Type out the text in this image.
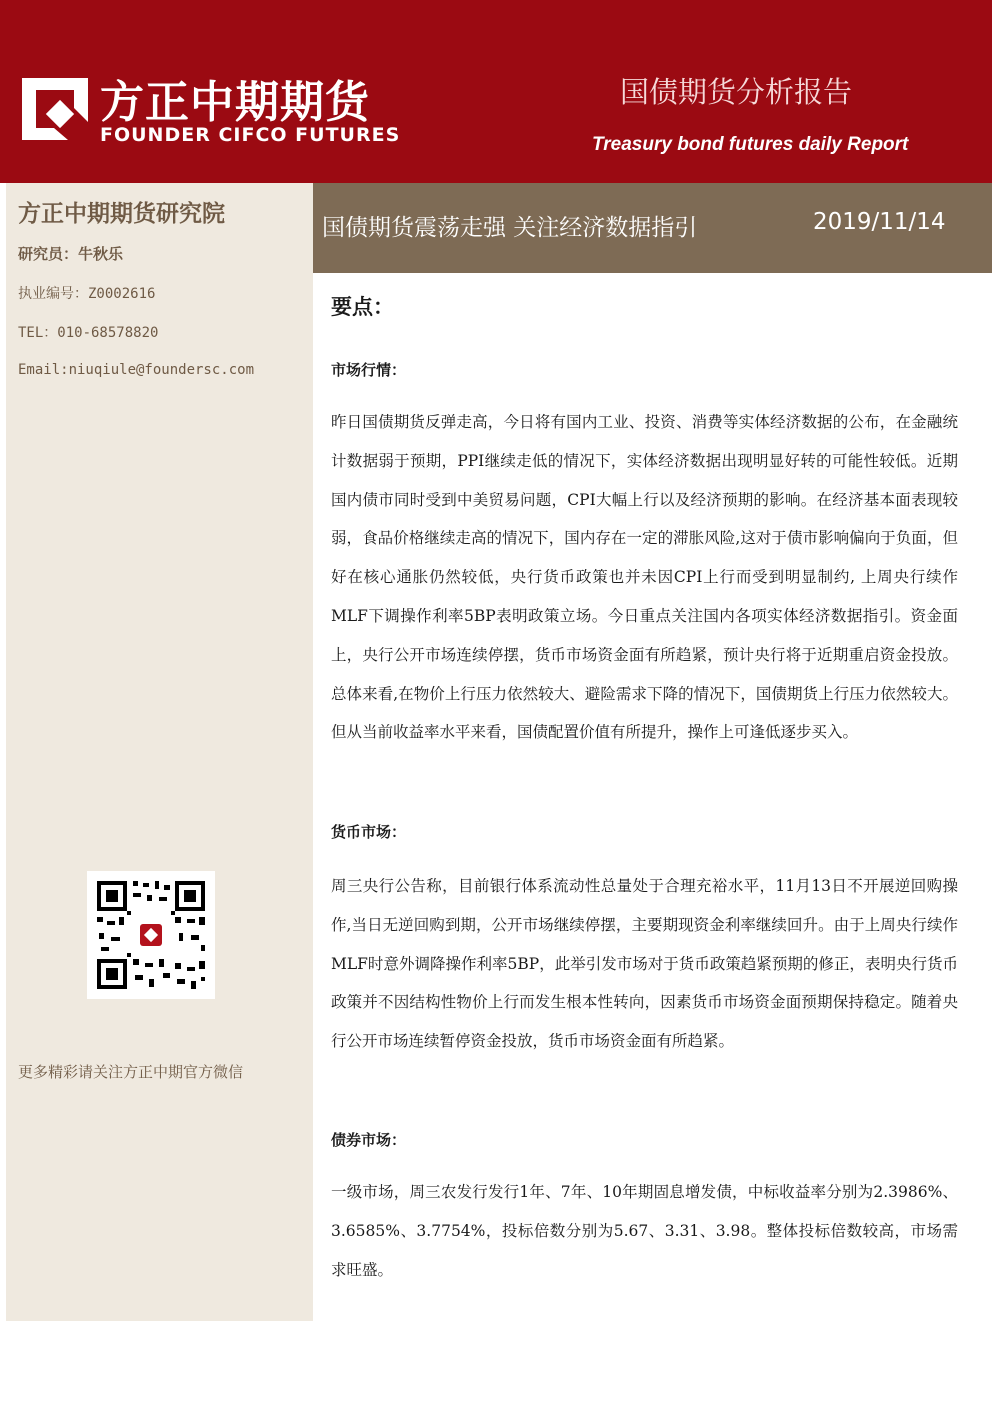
方正中期期货
FOUNDER CIFCO FUTURES
国债期货分析报告
Treasury bond futures daily Report
方正中期期货研究院
研究员：牛秋乐
执业编号：Z0002616
TEL：010-68578820
Email:niuqiule@foundersc.com
更多精彩请关注方正中期官方微信
国债期货震荡走强 关注经济数据指引	2019/11/14
要点：
市场行情：
昨日国债期货反弹走高，今日将有国内工业、投资、消费等实体经济数据的公布，在金融统计数据弱于预期，PPI继续走低的情况下，实体经济数据出现明显好转的可能性较低。近期国内债市同时受到中美贸易问题，CPI大幅上行以及经济预期的影响。在经济基本面表现较弱，食品价格继续走高的情况下，国内存在一定的滞胀风险,这对于债市影响偏向于负面，但好在核心通胀仍然较低，央行货币政策也并未因CPI上行而受到明显制约, 上周央行续作MLF下调操作利率5BP表明政策立场。今日重点关注国内各项实体经济数据指引。资金面上，央行公开市场连续停摆，货币市场资金面有所趋紧，预计央行将于近期重启资金投放。总体来看,在物价上行压力依然较大、避险需求下降的情况下，国债期货上行压力依然较大。但从当前收益率水平来看，国债配置价值有所提升，操作上可逢低逐步买入。
货币市场：
周三央行公告称，目前银行体系流动性总量处于合理充裕水平，11月13日不开展逆回购操作,当日无逆回购到期，公开市场继续停摆，主要期现资金利率继续回升。由于上周央行续作MLF时意外调降操作利率5BP，此举引发市场对于货币政策趋紧预期的修正，表明央行货币政策并不因结构性物价上行而发生根本性转向，因素货币市场资金面预期保持稳定。随着央行公开市场连续暂停资金投放，货币市场资金面有所趋紧。
债券市场：
一级市场，周三农发行发行1年、7年、10年期固息增发债，中标收益率分别为2.3986%、3.6585%、3.7754%，投标倍数分别为5.67、3.31、3.98。整体投标倍数较高，市场需求旺盛。
